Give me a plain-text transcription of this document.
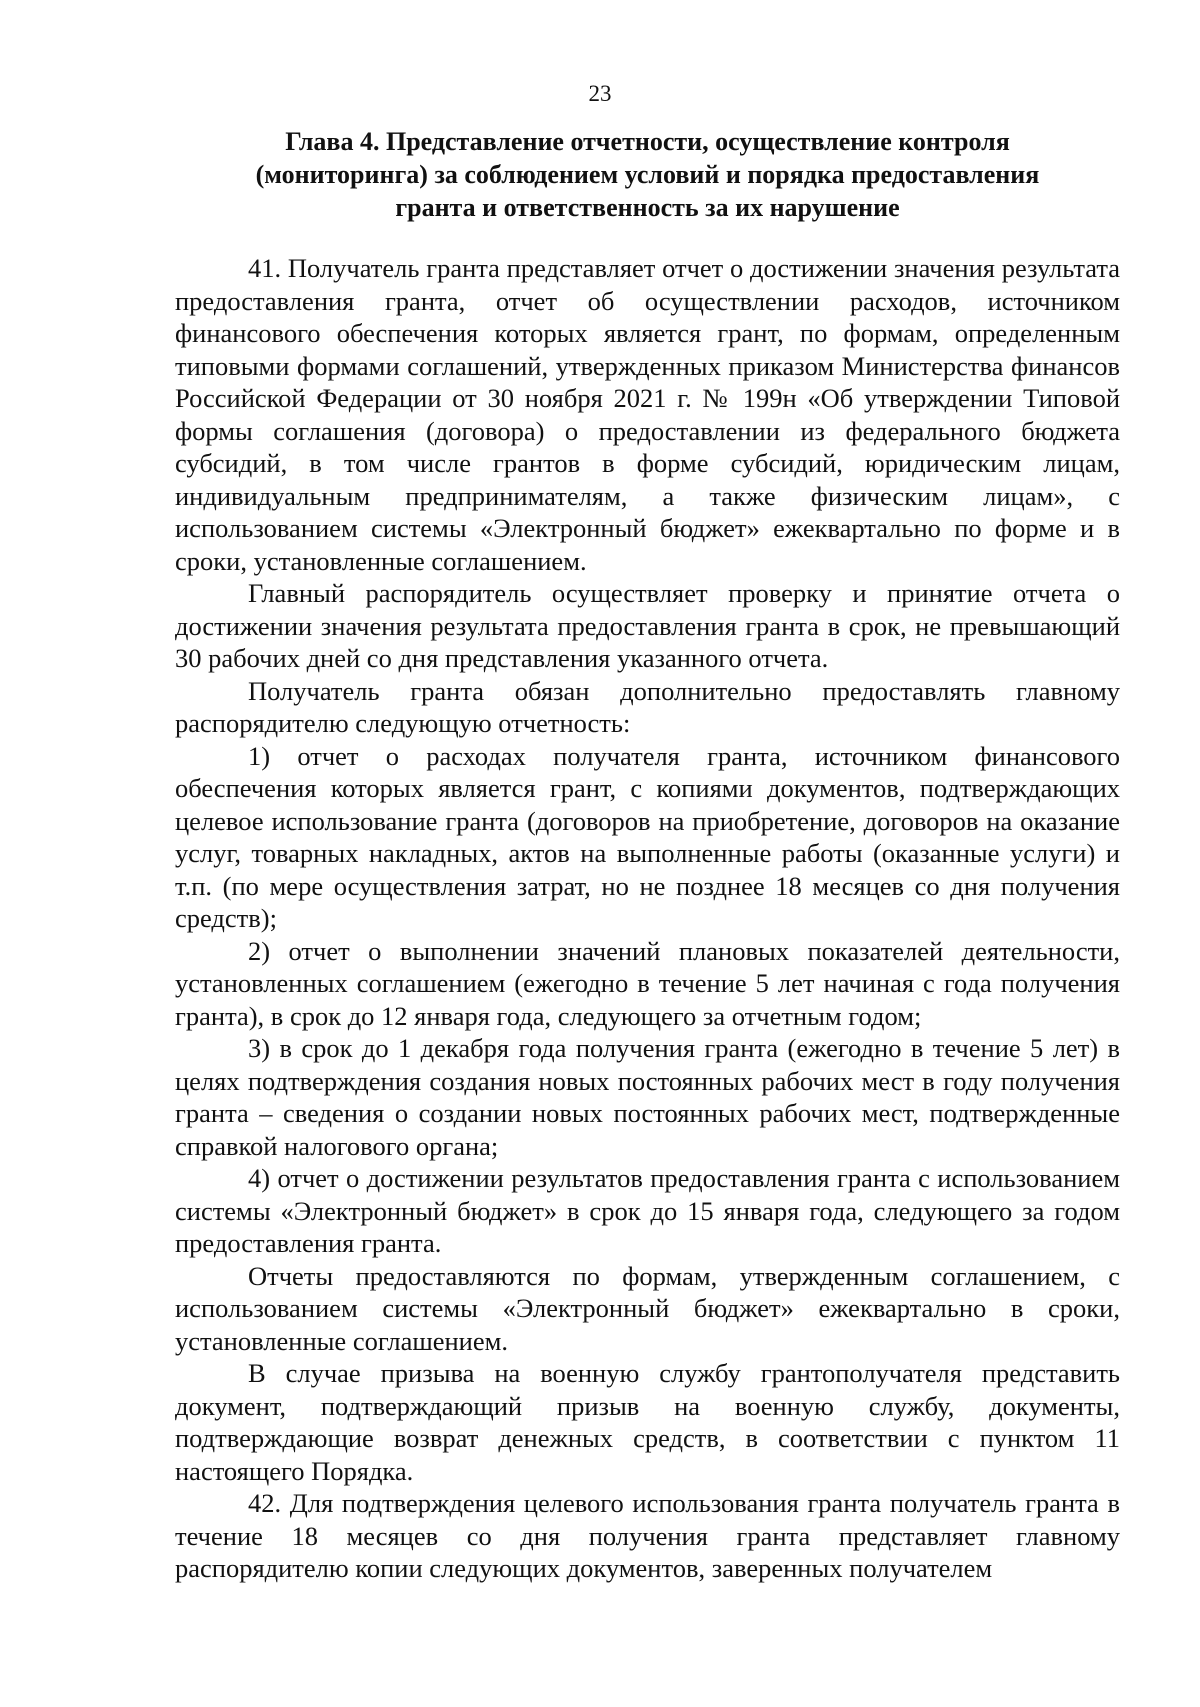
23
Глава 4. Представление отчетности, осуществление контроля
(мониторинга) за соблюдением условий и порядка предоставления
гранта и ответственность за их нарушение

41. Получатель гранта представляет отчет о достижении значения результата предоставления гранта, отчет об осуществлении расходов, источником финансового обеспечения которых является грант, по формам, определенным типовыми формами соглашений, утвержденных приказом Министерства финансов Российской Федерации от 30 ноября 2021 г. № 199н «Об утверждении Типовой формы соглашения (договора) о предоставлении из федерального бюджета субсидий, в том числе грантов в форме субсидий, юридическим лицам, индивидуальным предпринимателям, а также физическим лицам», с использованием системы «Электронный бюджет» ежеквартально по форме и в сроки, установленные соглашением.

Главный распорядитель осуществляет проверку и принятие отчета о достижении значения результата предоставления гранта в срок, не превышающий 30 рабочих дней со дня представления указанного отчета.

Получатель гранта обязан дополнительно предоставлять главному распорядителю следующую отчетность:

1) отчет о расходах получателя гранта, источником финансового обеспечения которых является грант, с копиями документов, подтверждающих целевое использование гранта (договоров на приобретение, договоров на оказание услуг, товарных накладных, актов на выполненные работы (оказанные услуги) и т.п. (по мере осуществления затрат, но не позднее 18 месяцев со дня получения средств);

2) отчет о выполнении значений плановых показателей деятельности, установленных соглашением (ежегодно в течение 5 лет начиная с года получения гранта), в срок до 12 января года, следующего за отчетным годом;

3) в срок до 1 декабря года получения гранта (ежегодно в течение 5 лет) в целях подтверждения создания новых постоянных рабочих мест в году получения гранта – сведения о создании новых постоянных рабочих мест, подтвержденные справкой налогового органа;

4) отчет о достижении результатов предоставления гранта с использованием системы «Электронный бюджет» в срок до 15 января года, следующего за годом предоставления гранта.

Отчеты предоставляются по формам, утвержденным соглашением, с использованием системы «Электронный бюджет» ежеквартально в сроки, установленные соглашением.

В случае призыва на военную службу грантополучателя представить документ, подтверждающий призыв на военную службу, документы, подтверждающие возврат денежных средств, в соответствии с пунктом 11 настоящего Порядка.

42. Для подтверждения целевого использования гранта получатель гранта в течение 18 месяцев со дня получения гранта представляет главному распорядителю копии следующих документов, заверенных получателем
